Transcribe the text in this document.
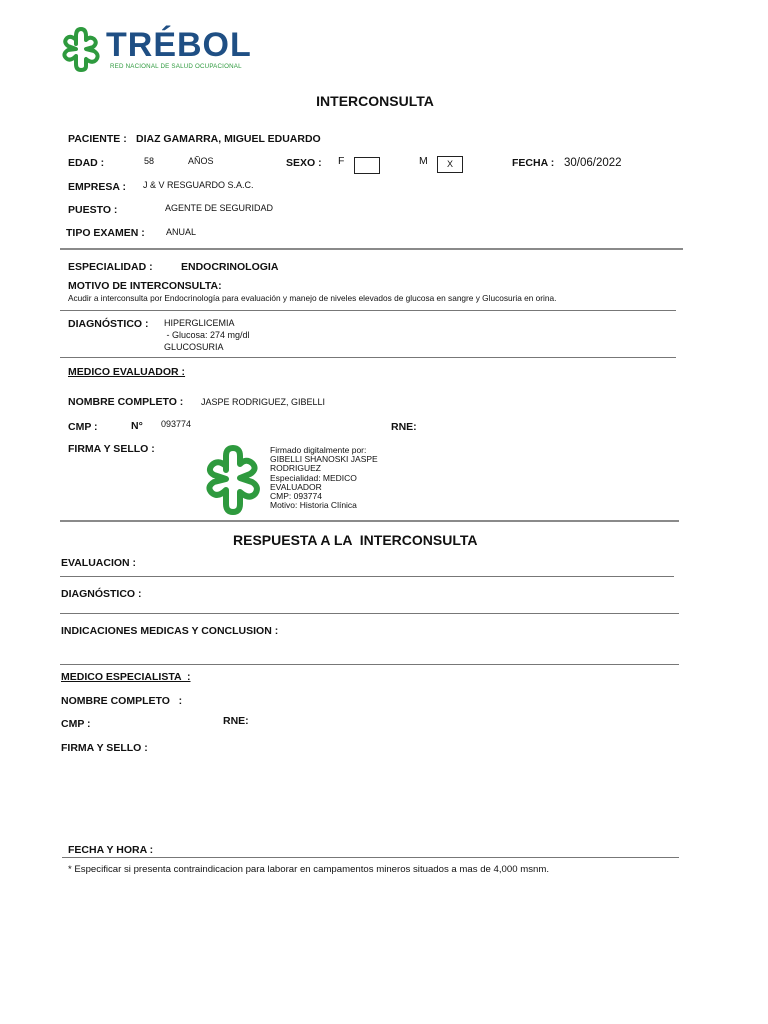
TRÉBOL
RED NACIONAL DE SALUD OCUPACIONAL
INTERCONSULTA
PACIENTE : DIAZ GAMARRA, MIGUEL EDUARDO
EDAD :	58	AÑOS	SEXO : F	M	X	FECHA : 30/06/2022
EMPRESA : J & V RESGUARDO S.A.C.
PUESTO :	AGENTE DE SEGURIDAD
TIPO EXAMEN : ANUAL
ESPECIALIDAD :	ENDOCRINOLOGIA
MOTIVO DE INTERCONSULTA:
Acudir a interconsulta por Endocrinología para evaluación y manejo de niveles elevados de glucosa en sangre y Glucosuria en orina.
DIAGNÓSTICO : HIPERGLICEMIA
- Glucosa: 274 mg/dl
GLUCOSURIA
MEDICO EVALUADOR :
NOMBRE COMPLETO : JASPE RODRIGUEZ, GIBELLI
CMP :	N° 093774	RNE:
FIRMA Y SELLO :	Firmado digitalmente por:
GIBELLI SHANOSKI JASPE RODRIGUEZ
Especialidad: MEDICO EVALUADOR
CMP: 093774
Motivo: Historia Clínica
RESPUESTA A LA  INTERCONSULTA
EVALUACION :
DIAGNÓSTICO :
INDICACIONES MEDICAS Y CONCLUSION :
MEDICO ESPECIALISTA  :
NOMBRE COMPLETO   :
CMP :	RNE:
FIRMA Y SELLO :
FECHA Y HORA :
* Especificar si presenta contraindicacion para laborar en campamentos mineros situados a mas de 4,000 msnm.
